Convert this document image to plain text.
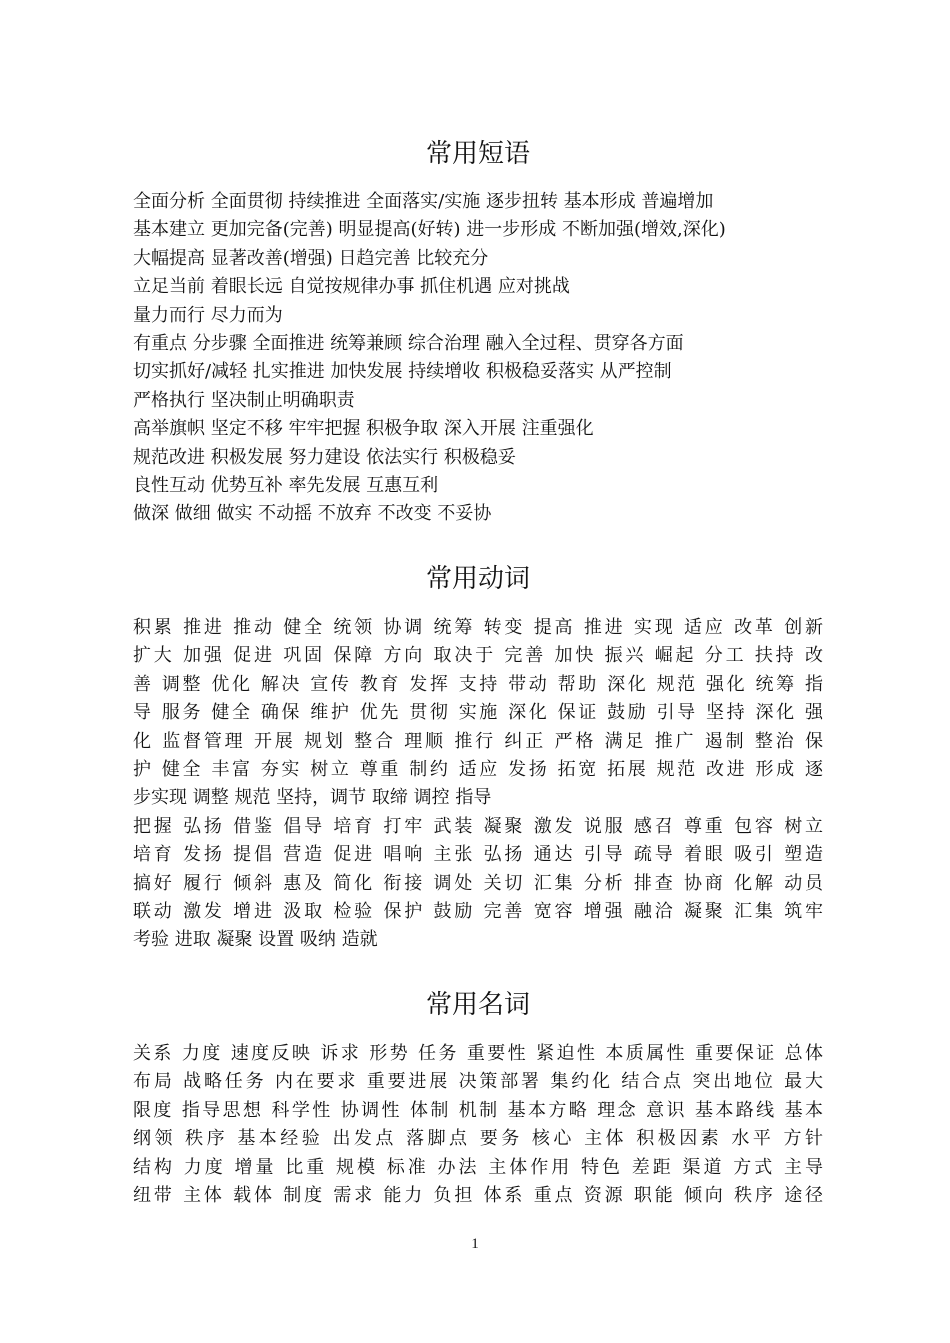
常用短语
全面分析 全面贯彻 持续推进 全面落实/实施 逐步扭转 基本形成 普遍增加
基本建立 更加完备(完善) 明显提高(好转) 进一步形成 不断加强(增效,深化)
大幅提高 显著改善(增强) 日趋完善 比较充分
立足当前 着眼长远 自觉按规律办事 抓住机遇 应对挑战
量力而行 尽力而为
有重点 分步骤 全面推进 统筹兼顾 综合治理 融入全过程、贯穿各方面
切实抓好/减轻 扎实推进 加快发展 持续增收 积极稳妥落实 从严控制
严格执行 坚决制止明确职责
高举旗帜 坚定不移 牢牢把握 积极争取 深入开展 注重强化
规范改进 积极发展 努力建设 依法实行 积极稳妥
良性互动 优势互补 率先发展 互惠互利
做深 做细 做实 不动摇 不放弃 不改变 不妥协
常用动词
积累 推进 推动 健全 统领 协调 统筹 转变 提高 推进 实现 适应 改革 创新
扩大 加强 促进 巩固 保障 方向 取决于 完善 加快 振兴 崛起 分工 扶持 改
善 调整 优化 解决 宣传 教育 发挥 支持 带动 帮助 深化 规范 强化 统筹 指
导 服务 健全 确保 维护 优先 贯彻 实施 深化 保证 鼓励 引导 坚持 深化 强
化 监督管理 开展 规划 整合 理顺 推行 纠正 严格 满足 推广 遏制 整治 保
护 健全 丰富 夯实 树立 尊重 制约 适应 发扬 拓宽 拓展 规范 改进 形成 逐
步实现 调整 规范 坚持，调节 取缔 调控 指导
把握 弘扬 借鉴 倡导 培育 打牢 武装 凝聚 激发 说服 感召 尊重 包容 树立
培育 发扬 提倡 营造 促进 唱响 主张 弘扬 通达 引导 疏导 着眼 吸引 塑造
搞好 履行 倾斜 惠及 简化 衔接 调处 关切 汇集 分析 排查 协商 化解 动员
联动 激发 增进 汲取 检验 保护 鼓励 完善 宽容 增强 融洽 凝聚 汇集 筑牢
考验 进取 凝聚 设置 吸纳 造就
常用名词
关系 力度 速度反映 诉求 形势 任务 重要性 紧迫性 本质属性 重要保证 总体
布局 战略任务 内在要求 重要进展 决策部署 集约化 结合点 突出地位 最大
限度 指导思想 科学性 协调性 体制 机制 基本方略 理念 意识 基本路线 基本
纲领 秩序 基本经验 出发点 落脚点 要务 核心 主体 积极因素 水平 方针
结构 力度 增量 比重 规模 标准 办法 主体作用 特色 差距 渠道 方式 主导
纽带 主体 载体 制度 需求 能力 负担 体系 重点 资源 职能 倾向 秩序 途径
1
